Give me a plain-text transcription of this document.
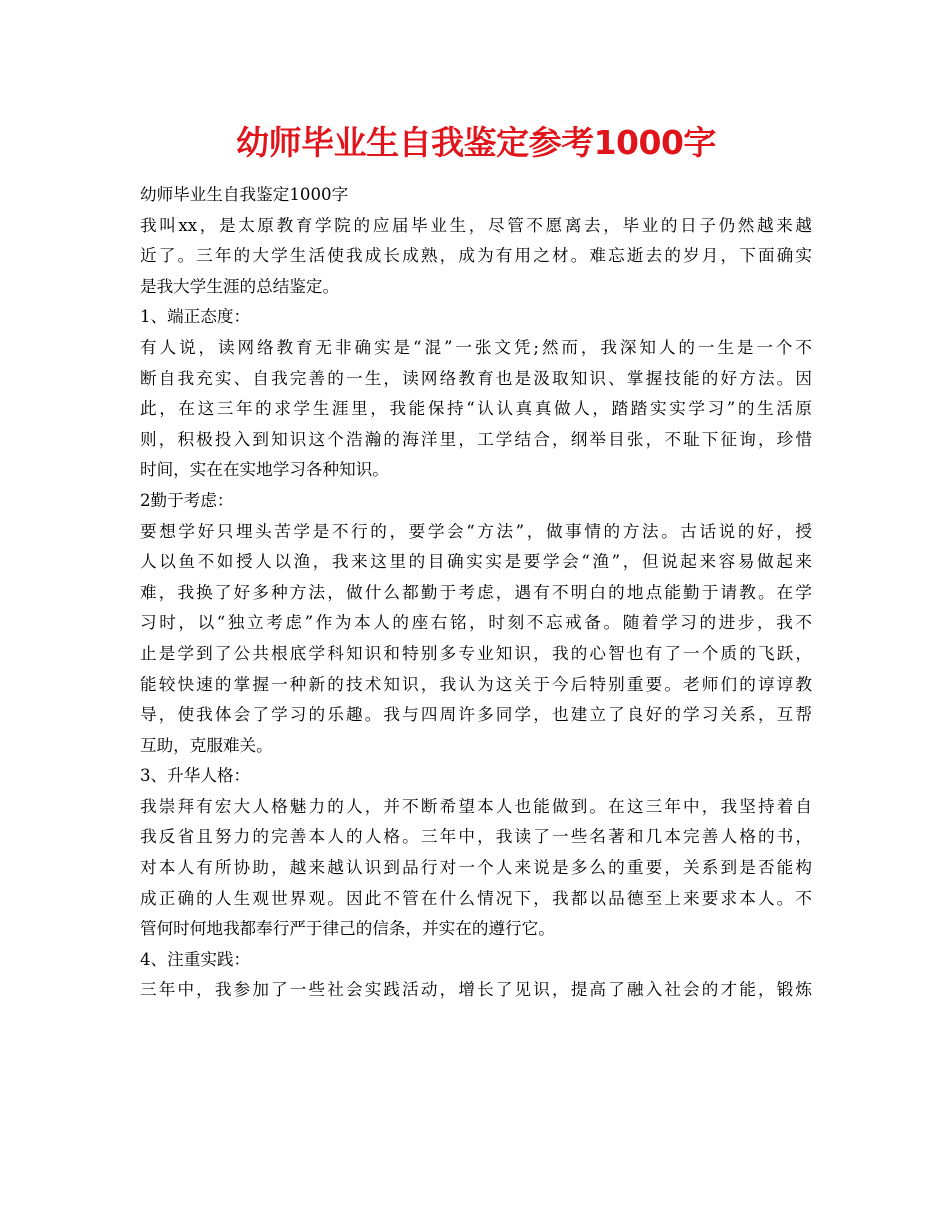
幼师毕业生自我鉴定参考1000字

幼师毕业生自我鉴定1000字

我叫xx，是太原教育学院的应届毕业生，尽管不愿离去，毕业的日子仍然越来越

近了。三年的大学生活使我成长成熟，成为有用之材。难忘逝去的岁月，下面确实

是我大学生涯的总结鉴定。

1、端正态度：

有人说，读网络教育无非确实是“混”一张文凭;然而，我深知人的一生是一个不

断自我充实、自我完善的一生，读网络教育也是汲取知识、掌握技能的好方法。因

此，在这三年的求学生涯里，我能保持“认认真真做人，踏踏实实学习”的生活原

则，积极投入到知识这个浩瀚的海洋里，工学结合，纲举目张，不耻下征询，珍惜

时间，实在在实地学习各种知识。

2勤于考虑：

要想学好只埋头苦学是不行的，要学会“方法”，做事情的方法。古话说的好，授

人以鱼不如授人以渔，我来这里的目确实实是要学会“渔”，但说起来容易做起来

难，我换了好多种方法，做什么都勤于考虑，遇有不明白的地点能勤于请教。在学

习时，以“独立考虑”作为本人的座右铭，时刻不忘戒备。随着学习的进步，我不

止是学到了公共根底学科知识和特别多专业知识，我的心智也有了一个质的飞跃，

能较快速的掌握一种新的技术知识，我认为这关于今后特别重要。老师们的谆谆教

导，使我体会了学习的乐趣。我与四周许多同学，也建立了良好的学习关系，互帮

互助，克服难关。

3、升华人格：

我崇拜有宏大人格魅力的人，并不断希望本人也能做到。在这三年中，我坚持着自

我反省且努力的完善本人的人格。三年中，我读了一些名著和几本完善人格的书，

对本人有所协助，越来越认识到品行对一个人来说是多么的重要，关系到是否能构

成正确的人生观世界观。因此不管在什么情况下，我都以品德至上来要求本人。不

管何时何地我都奉行严于律己的信条，并实在的遵行它。

4、注重实践：

三年中，我参加了一些社会实践活动，增长了见识，提高了融入社会的才能，锻炼
